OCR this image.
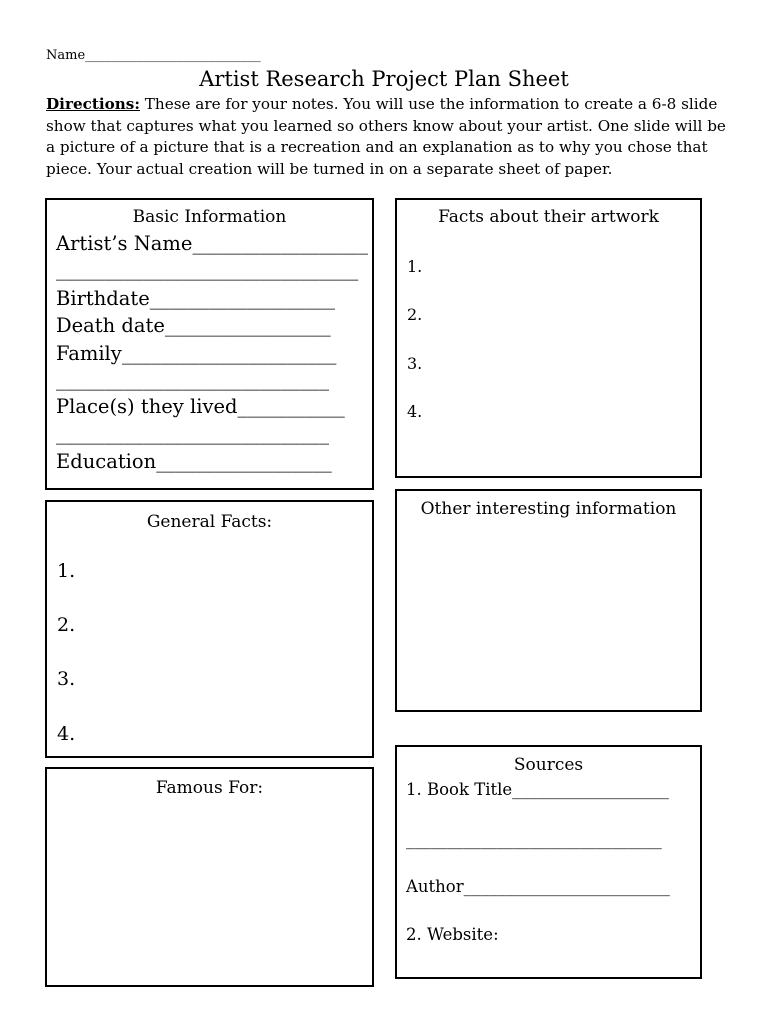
Name___________________________
Artist Research Project Plan Sheet
Directions: These are for your notes. You will use the information to create a 6-8 slide show that captures what you learned so others know about your artist. One slide will be a picture of a picture that is a recreation and an explanation as to why you chose that piece. Your actual creation will be turned in on a separate sheet of paper.
Basic Information
Artist’s Name__________________
_______________________________
Birthdate___________________
Death date_________________
Family______________________
____________________________
Place(s) they lived___________
____________________________
Education__________________
Facts about their artwork
1.
2.
3.
4.
General Facts:
1.
2.
3.
4.
Other interesting information
Famous For:
Sources
1. Book Title___________________
_______________________________
Author_________________________
2. Website:
